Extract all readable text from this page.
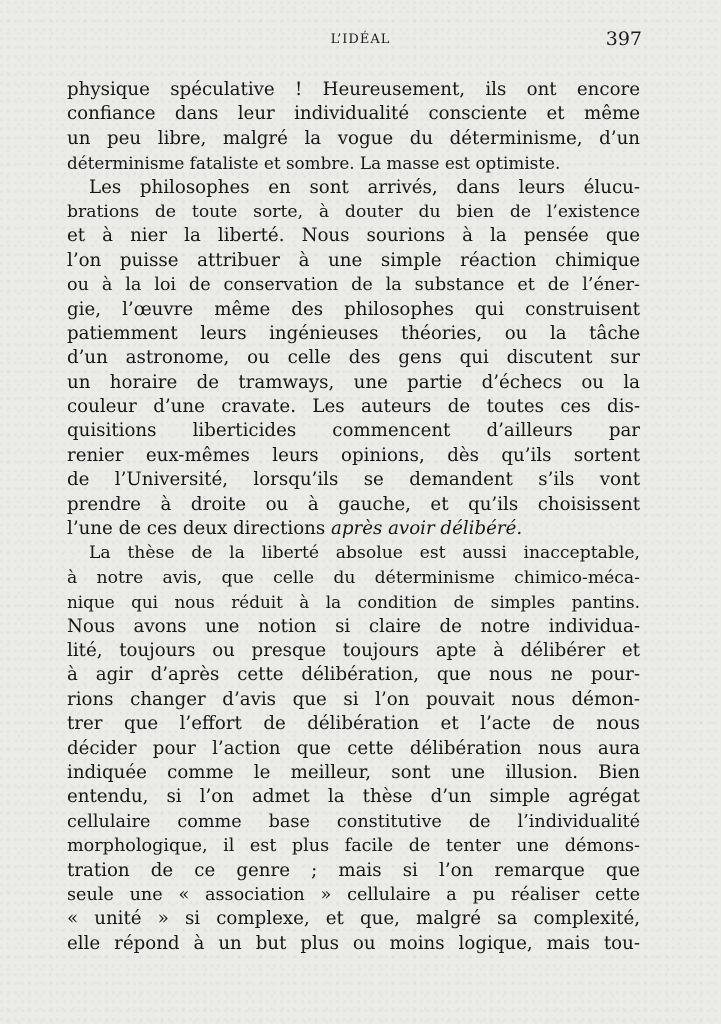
L’IDÉAL	397
physique spéculative ! Heureusement, ils ont encore
confiance dans leur individualité consciente et même
un peu libre, malgré la vogue du déterminisme, d’un
déterminisme fataliste et sombre. La masse est optimiste.
Les philosophes en sont arrivés, dans leurs élucu-
brations de toute sorte, à douter du bien de l’existence
et à nier la liberté. Nous sourions à la pensée que
l’on puisse attribuer à une simple réaction chimique
ou à la loi de conservation de la substance et de l’éner-
gie, l’œuvre même des philosophes qui construisent
patiemment leurs ingénieuses théories, ou la tâche
d’un astronome, ou celle des gens qui discutent sur
un horaire de tramways, une partie d’échecs ou la
couleur d’une cravate. Les auteurs de toutes ces dis-
quisitions liberticides commencent d’ailleurs par
renier eux-mêmes leurs opinions, dès qu’ils sortent
de l’Université, lorsqu’ils se demandent s’ils vont
prendre à droite ou à gauche, et qu’ils choisissent
l’une de ces deux directions après avoir délibéré.
La thèse de la liberté absolue est aussi inacceptable,
à notre avis, que celle du déterminisme chimico-méca-
nique qui nous réduit à la condition de simples pantins.
Nous avons une notion si claire de notre individua-
lité, toujours ou presque toujours apte à délibérer et
à agir d’après cette délibération, que nous ne pour-
rions changer d’avis que si l’on pouvait nous démon-
trer que l’effort de délibération et l’acte de nous
décider pour l’action que cette délibération nous aura
indiquée comme le meilleur, sont une illusion. Bien
entendu, si l’on admet la thèse d’un simple agrégat
cellulaire comme base constitutive de l’individualité
morphologique, il est plus facile de tenter une démons-
tration de ce genre ; mais si l’on remarque que
seule une « association » cellulaire a pu réaliser cette
« unité » si complexe, et que, malgré sa complexité,
elle répond à un but plus ou moins logique, mais tou-
